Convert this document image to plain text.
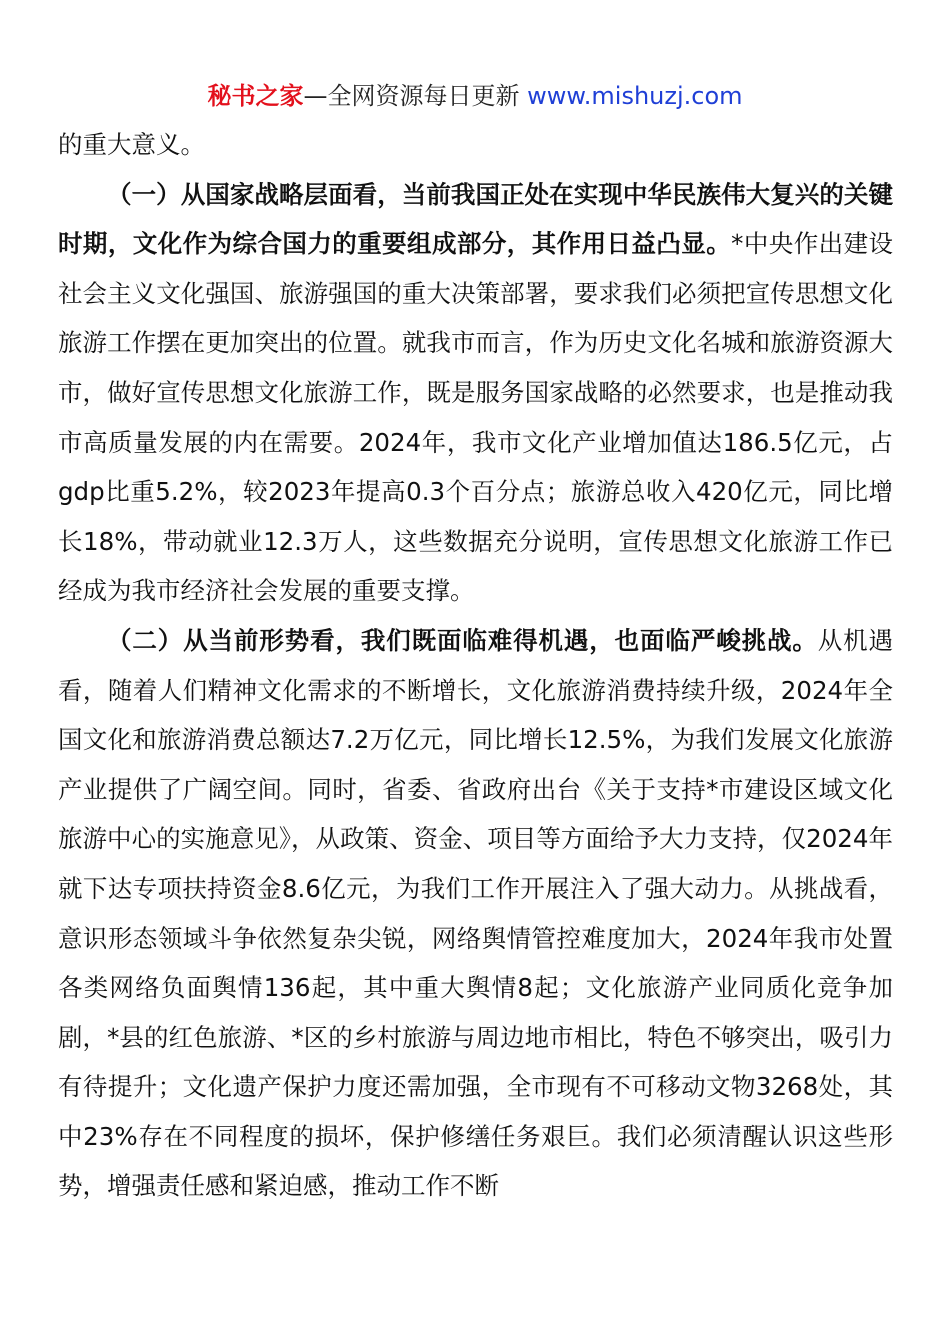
秘书之家—全网资源每日更新 www.mishuzj.com

的重大意义。

（一）从国家战略层面看，当前我国正处在实现中华民族伟大复兴的关键时期，文化作为综合国力的重要组成部分，其作用日益凸显。*中央作出建设社会主义文化强国、旅游强国的重大决策部署，要求我们必须把宣传思想文化旅游工作摆在更加突出的位置。就我市而言，作为历史文化名城和旅游资源大市，做好宣传思想文化旅游工作，既是服务国家战略的必然要求，也是推动我市高质量发展的内在需要。2024年，我市文化产业增加值达186.5亿元，占gdp比重5.2%，较2023年提高0.3个百分点；旅游总收入420亿元，同比增长18%，带动就业12.3万人，这些数据充分说明，宣传思想文化旅游工作已经成为我市经济社会发展的重要支撑。

（二）从当前形势看，我们既面临难得机遇，也面临严峻挑战。从机遇看，随着人们精神文化需求的不断增长，文化旅游消费持续升级，2024年全国文化和旅游消费总额达7.2万亿元，同比增长12.5%，为我们发展文化旅游产业提供了广阔空间。同时，省委、省政府出台《关于支持*市建设区域文化旅游中心的实施意见》，从政策、资金、项目等方面给予大力支持，仅2024年就下达专项扶持资金8.6亿元，为我们工作开展注入了强大动力。从挑战看，意识形态领域斗争依然复杂尖锐，网络舆情管控难度加大，2024年我市处置各类网络负面舆情136起，其中重大舆情8起；文化旅游产业同质化竞争加剧，*县的红色旅游、*区的乡村旅游与周边地市相比，特色不够突出，吸引力有待提升；文化遗产保护力度还需加强，全市现有不可移动文物3268处，其中23%存在不同程度的损坏，保护修缮任务艰巨。我们必须清醒认识这些形势，增强责任感和紧迫感，推动工作不断
